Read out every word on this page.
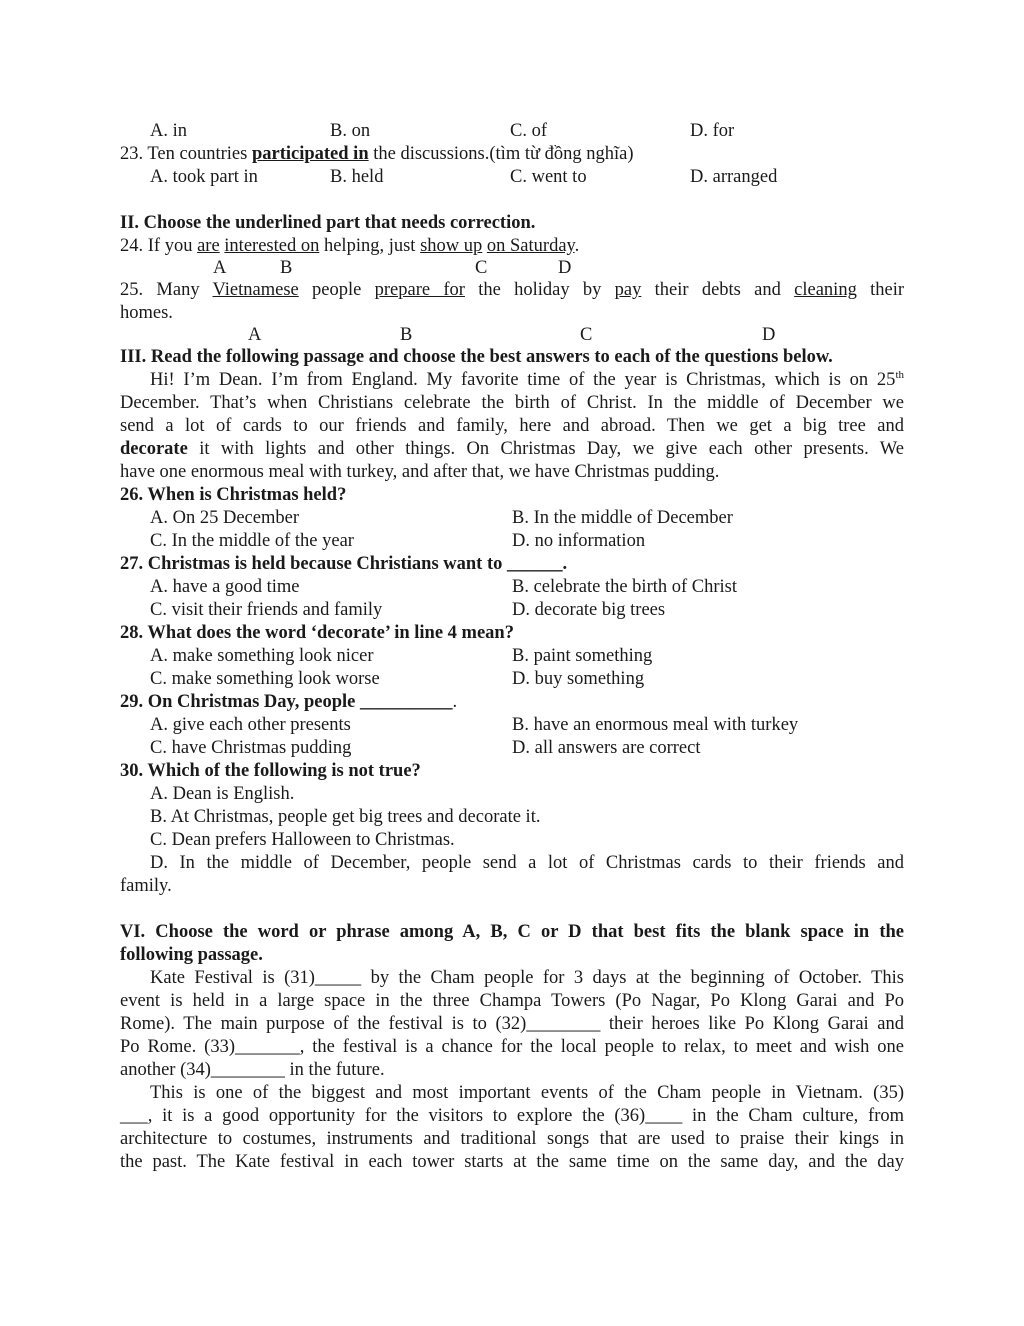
A. in	B. on	C. of	D. for
23. Ten countries participated in the discussions.(tìm từ đồng nghĩa)
A. took part in	B. held	C. went to	D. arranged
II. Choose the underlined part that needs correction.
24. If you are interested on helping, just show up on Saturday.
A	B	C	D
25. Many Vietnamese people prepare for the holiday by pay their debts and cleaning their
homes.
A	B	C	D
III. Read the following passage and choose the best answers to each of the questions below.
Hi! I’m Dean. I’m from England. My favorite time of the year is Christmas, which is on 25th
December. That’s when Christians celebrate the birth of Christ. In the middle of December we
send a lot of cards to our friends and family, here and abroad. Then we get a big tree and
decorate it with lights and other things. On Christmas Day, we give each other presents. We
have one enormous meal with turkey, and after that, we have Christmas pudding.
26. When is Christmas held?
A. On 25 December	B. In the middle of December
C. In the middle of the year	D. no information
27. Christmas is held because Christians want to ______.
A. have a good time	B. celebrate the birth of Christ
C. visit their friends and family	D. decorate big trees
28. What does the word ‘decorate’ in line 4 mean?
A. make something look nicer	B. paint something
C. make something look worse	D. buy something
29. On Christmas Day, people __________.
A. give each other presents	B. have an enormous meal with turkey
C. have Christmas pudding	D. all answers are correct
30. Which of the following is not true?
A. Dean is English.
B. At Christmas, people get big trees and decorate it.
C. Dean prefers Halloween to Christmas.
D. In the middle of December, people send a lot of Christmas cards to their friends and
family.
VI. Choose the word or phrase among A, B, C or D that best fits the blank space in the
following passage.
Kate Festival is (31)_____ by the Cham people for 3 days at the beginning of October. This
event is held in a large space in the three Champa Towers (Po Nagar, Po Klong Garai and Po
Rome). The main purpose of the festival is to (32)________ their heroes like Po Klong Garai and
Po Rome. (33)_______, the festival is a chance for the local people to relax, to meet and wish one
another (34)________ in the future.
This is one of the biggest and most important events of the Cham people in Vietnam. (35)
___, it is a good opportunity for the visitors to explore the (36)____ in the Cham culture, from
architecture to costumes, instruments and traditional songs that are used to praise their kings in
the past. The Kate festival in each tower starts at the same time on the same day, and the day
